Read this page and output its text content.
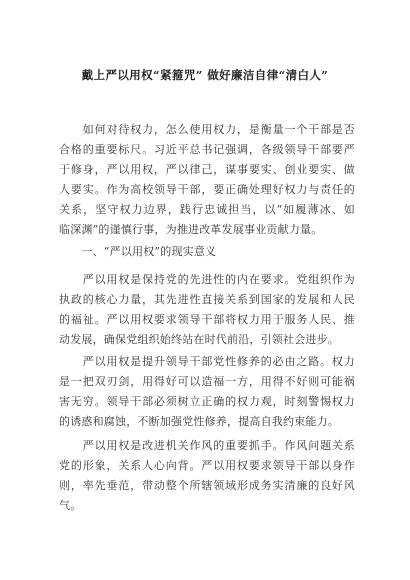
戴上严以用权“紧箍咒” 做好廉洁自律“清白人”
　　如何对待权力，怎么使用权力，是衡量一个干部是否
合格的重要标尺。习近平总书记强调，各级领导干部要严
于修身，严以用权，严以律己，谋事要实、创业要实、做
人要实。作为高校领导干部，要正确处理好权力与责任的
关系，坚守权力边界，践行忠诚担当，以“如履薄冰、如
临深渊”的谨慎行事，为推进改革发展事业贡献力量。
　　一、“严以用权”的现实意义
　　严以用权是保持党的先进性的内在要求。党组织作为
执政的核心力量，其先进性直接关系到国家的发展和人民
的福祉。严以用权要求领导干部将权力用于服务人民、推
动发展，确保党组织始终站在时代前沿，引领社会进步。
　　严以用权是提升领导干部党性修养的必由之路。权力
是一把双刃剑，用得好可以造福一方，用得不好则可能祸
害无穷。领导干部必须树立正确的权力观，时刻警惕权力
的诱惑和腐蚀，不断加强党性修养，提高自我约束能力。
　　严以用权是改进机关作风的重要抓手。作风问题关系
党的形象，关系人心向背。严以用权要求领导干部以身作
则，率先垂范，带动整个所辖领域形成务实清廉的良好风
气。
